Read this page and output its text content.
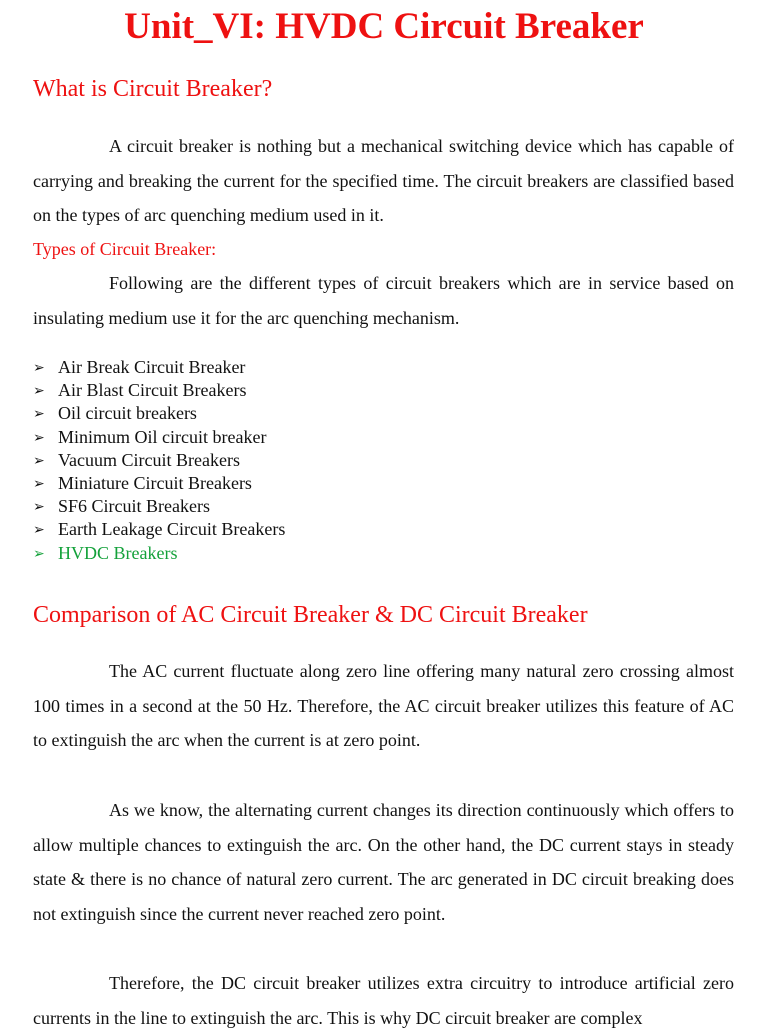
Unit_VI: HVDC Circuit Breaker
What is Circuit Breaker?

A circuit breaker is nothing but a mechanical switching device which has capable of carrying and breaking the current for the specified time. The circuit breakers are classified based on the types of arc quenching medium used in it.

Types of Circuit Breaker:

Following are the different types of circuit breakers which are in service based on insulating medium use it for the arc quenching mechanism.

➢ Air Break Circuit Breaker
➢ Air Blast Circuit Breakers
➢ Oil circuit breakers
➢ Minimum Oil circuit breaker
➢ Vacuum Circuit Breakers
➢ Miniature Circuit Breakers
➢ SF6 Circuit Breakers
➢ Earth Leakage Circuit Breakers
➢ HVDC Breakers
Comparison of AC Circuit Breaker & DC Circuit Breaker

The AC current fluctuate along zero line offering many natural zero crossing almost 100 times in a second at the 50 Hz. Therefore, the AC circuit breaker utilizes this feature of AC to extinguish the arc when the current is at zero point.

As we know, the alternating current changes its direction continuously which offers to allow multiple chances to extinguish the arc. On the other hand, the DC current stays in steady state & there is no chance of natural zero current. The arc generated in DC circuit breaking does not extinguish since the current never reached zero point.

Therefore, the DC circuit breaker utilizes extra circuitry to introduce artificial zero currents in the line to extinguish the arc. This is why DC circuit breaker are complex
